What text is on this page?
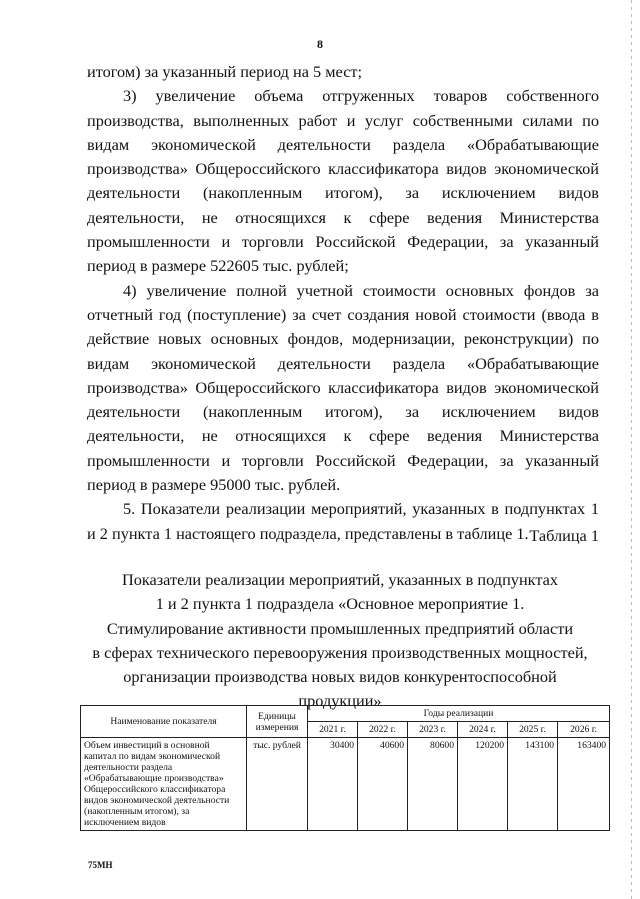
8

итогом) за указанный период на 5 мест;

3) увеличение объема отгруженных товаров собственного производства, выполненных работ и услуг собственными силами по видам экономической деятельности раздела «Обрабатывающие производства» Общероссийского классификатора видов экономической деятельности (накопленным итогом), за исключением видов деятельности, не относящихся к сфере ведения Министерства промышленности и торговли Российской Федерации, за указанный период в размере 522605 тыс. рублей;

4) увеличение полной учетной стоимости основных фондов за отчетный год (поступление) за счет создания новой стоимости (ввода в действие новых основных фондов, модернизации, реконструкции) по видам экономической деятельности раздела «Обрабатывающие производства» Общероссийского классификатора видов экономической деятельности (накопленным итогом), за исключением видов деятельности, не относящихся к сфере ведения Министерства промышленности и торговли Российской Федерации, за указанный период в размере 95000 тыс. рублей.

5. Показатели реализации мероприятий, указанных в подпунктах 1 и 2 пункта 1 настоящего подраздела, представлены в таблице 1. Таблица 1
Показатели реализации мероприятий, указанных в подпунктах
1 и 2 пункта 1 подраздела «Основное мероприятие 1.
Стимулирование активности промышленных предприятий области
в сферах технического перевооружения производственных мощностей,
организации производства новых видов конкурентоспособной
продукции»
Наименование показателя	Единицы измерения	Годы реализации					
		2021 г.	2022 г.	2023 г.	2024 г.	2025 г.	2026 г.
Объем инвестиций в основной капитал по видам экономической деятельности раздела «Обрабатывающие производства» Общероссийского классификатора видов экономической деятельности (накопленным итогом), за исключением видов	тыс. рублей	30400	40600	80600	120200	143100	163400
75МН
